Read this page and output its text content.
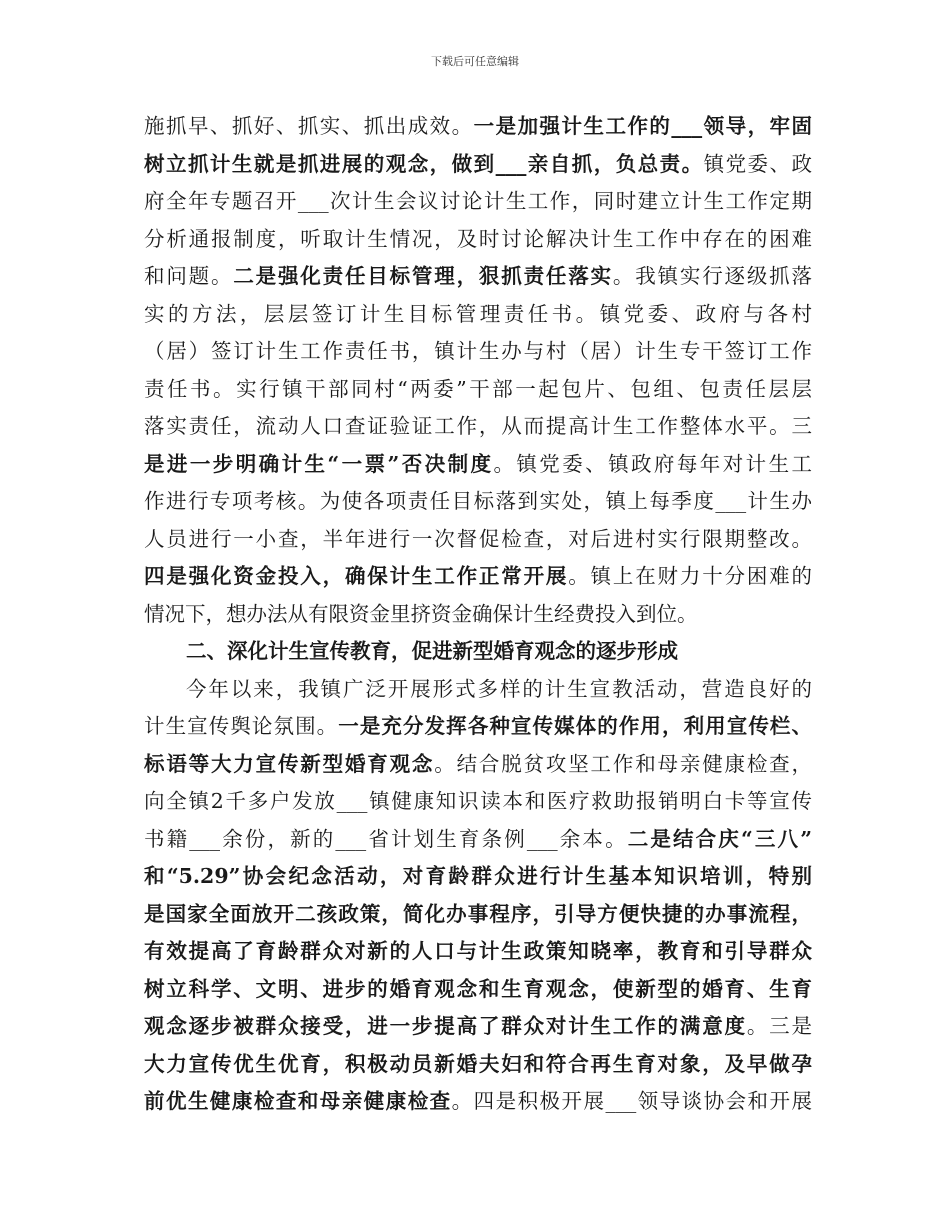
下载后可任意编辑
施抓早、抓好、抓实、抓出成效。一是加强计生工作的___领导，牢固
树立抓计生就是抓进展的观念，做到___亲自抓，负总责。镇党委、政
府全年专题召开___次计生会议讨论计生工作，同时建立计生工作定期
分析通报制度，听取计生情况，及时讨论解决计生工作中存在的困难
和问题。二是强化责任目标管理，狠抓责任落实。我镇实行逐级抓落
实的方法，层层签订计生目标管理责任书。镇党委、政府与各村
（居）签订计生工作责任书，镇计生办与村（居）计生专干签订工作
责任书。实行镇干部同村“两委”干部一起包片、包组、包责任层层
落实责任，流动人口查证验证工作，从而提高计生工作整体水平。三
是进一步明确计生“一票”否决制度。镇党委、镇政府每年对计生工
作进行专项考核。为使各项责任目标落到实处，镇上每季度___计生办
人员进行一小查，半年进行一次督促检查，对后进村实行限期整改。
四是强化资金投入，确保计生工作正常开展。镇上在财力十分困难的
情况下，想办法从有限资金里挤资金确保计生经费投入到位。
二、深化计生宣传教育，促进新型婚育观念的逐步形成
今年以来，我镇广泛开展形式多样的计生宣教活动，营造良好的
计生宣传舆论氛围。一是充分发挥各种宣传媒体的作用，利用宣传栏、
标语等大力宣传新型婚育观念。结合脱贫攻坚工作和母亲健康检查，
向全镇2千多户发放___镇健康知识读本和医疗救助报销明白卡等宣传
书籍___余份，新的___省计划生育条例___余本。二是结合庆“三八”
和“5.29”协会纪念活动，对育龄群众进行计生基本知识培训，特别
是国家全面放开二孩政策，简化办事程序，引导方便快捷的办事流程，
有效提高了育龄群众对新的人口与计生政策知晓率，教育和引导群众
树立科学、文明、进步的婚育观念和生育观念，使新型的婚育、生育
观念逐步被群众接受，进一步提高了群众对计生工作的满意度。三是
大力宣传优生优育，积极动员新婚夫妇和符合再生育对象，及早做孕
前优生健康检查和母亲健康检查。四是积极开展___领导谈协会和开展
